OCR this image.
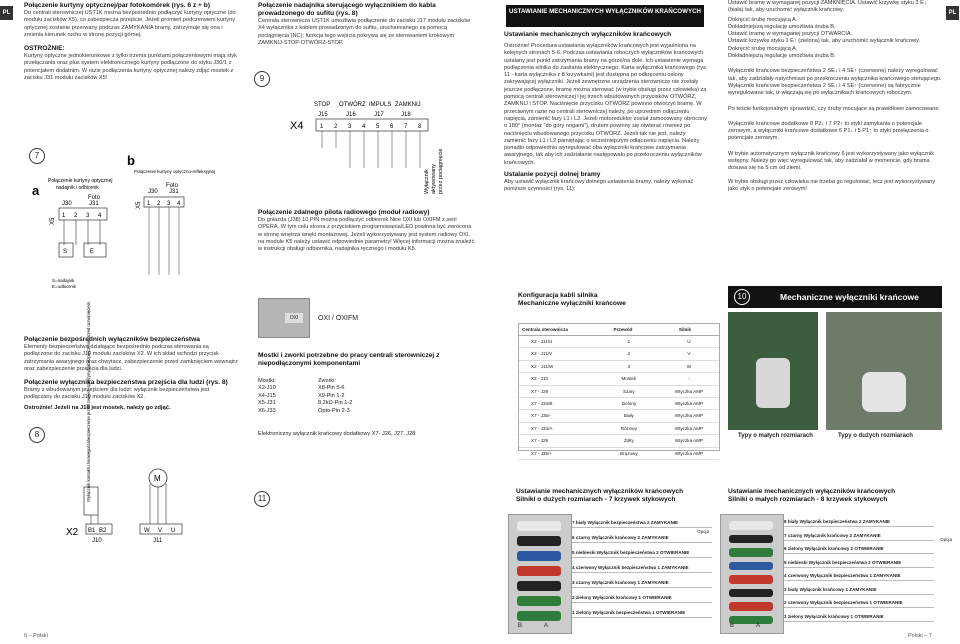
PL

Połączenie kurtyny optycznej/par fotokomórek (rys. 6 z + b)

Do centrali sterowniczej UST1K można bezpośrednio podłączyć kurtyny optyczne (do modułu zacisków X5), co zabezpiecza przejście. Jeżeli promień podczerwieni kurtyny optycznej zostanie przerwany podczas ZAMYKANIA bramy, zatrzymuje się ona i zmienia kierunek ruchu w stronę pozycji górnej.

OSTROŻNIE:

Kurtyny optyczne jednokierunkowe z tylko trzema punktami połączeniowymi mają styk przełączania oraz plus system elektronicznego kurtyny podłączone do styku J30/1 z potencjałem dodatnim. W razie podłączenia kurtyny optycznej należy zdjąć mostek z zacisku J31 modułu zacisków X5!

7
a
b
Połączenie kurtyny optycznej
nadajnik i odbiornik
Foto
J30	J31
X5
1 2 3 4
S	E
S=nadajnik
E=odbiornik
Połączenie kurtyny optyczno-refleksyjnej
Foto
J30 J31
X5 1 2 3 4

Połączenie bezpośrednich wyłączników bezpieczeństwa

Elementy bezpieczeństwa działające bezpośrednio podczas sterowania są podłączone do zacisku J10 modułu zacisków X2. W ich skład wchodzi przycisk zatrzymania awaryjnego oraz chwytacz, zabezpieczenie przed zamknięciem wewnątrz oraz zabezpieczenie przejścia dla ludzi.

Połączenie wyłącznika bezpieczeństwa przejścia dla ludzi (rys. 8)

Bramy z wbudowanym przejściem dla ludzi: wyłącznik bezpieczeństwa jest podłączany do zacisku J10 modułu zacisków X2.

Ostrożnie! Jeżeli na J10 jest mostek, należy go zdjąć.

8	Wyłącznik kontaktu linowego/zabezpieczenie przed zwisem sprężyny/zabezpieczenie przed rozwinięciem	M
X2 B1 B2	W V U
J10	J11
6 – Polski

Połączenie nadajnika sterującego wyłącznikiem do kabla prowadzonego do sufitu (rys. 8)

Centrala sterownicza UST1K umożliwia podłączenie do zacisku J17 modułu zacisków X4 wyłącznika z kablem prowadzonym do sufitu, uruchamianego za pomocą pociągnięcia (NC); funkcja tego wejścia pokrywa się ze sterowaniem krokowym ZAMKNIJ-STOP-OTWÓRZ-STOP.

9
STOP OTWÓRZ IMPULS ZAMKNIJ
J15	J16	J17	J18
X4	1 2 3 4 5 6 7 8
Wyłącznik aktywowany przez pociągnięcie

Połączenie zdalnego pilota radiowego (moduł radiowy)

Do gniazda (J38) 10 PIN można podłączyć odbiornik Nice OXI lub OXIFM z serii OPERA. W tym celu strona z przyciskiem programowania/LED powinna być zwrócona w stronę wnętrza wnęki montażowej. Jeżeli wykorzystywany jest system radiowy OXI, na module K5 należy ustawić odpowiednie parametry! Więcej informacji można znaleźć w instrukcji obsługi odbiornika, nadajnika ręcznego i modułu K5.

OXI	OXI / OXIFM

Mostki i zworki potrzebne do pracy centrali sterowniczej z niepodłączonymi komponentami

Mostki:	Zworki:
X2-J10	X8-Pin 5-6
X4-J15	X9-Pin 1-2
X5-J31	8,2kΩ-Pin 1-2
X6-J33	Opto-Pin 2-3
Elektroniczny wyłącznik krańcowy dodatkowy X7- J26, J27, J28
11
USTAWIANIE MECHANICZNYCH WYŁĄCZNIKÓW KRAŃCOWYCH

Ustawianie mechanicznych wyłączników krańcowych

Ostrożnie! Procedura ustawiania wyłączników krańcowych jest wyjaśniona na kolejnych stronach 5-6. Podczas ustawiania roboczych wyłączników krańcowych ustalany jest punkt zatrzymania bramy na górze/na dole. Ich ustawienie wymaga podłączenia silnika do zasilania elektrycznego. Karta wyłącznika krańcowego (rys. 11 - karta wyłącznika z 8 krzywkami) jest dostępna po odkręceniu osłony zakrywającej wyłączniki. Jeżeli zewnętrzne urządzenia sterownicze nie zostały jeszcze podłączone, bramę można sterować (w trybie obsługi przez człowieka) za pomocą centrali sterowniczej i jej trzech wbudowanych przycisków OTWÓRZ, ZAMKNIJ i STOP. Naciśnięcie przycisku OTWÓRZ powinno otworzyć bramę. W przeciwnym razie na centrali sterowniczej należy, po uprzednim odłączeniu napięcia, zamienić fazy L1 i L2. Jeżeli motoreduktor został zamocowany obrócony o 180° (montaż "do góry nogami"), drutem powinny się otwierać również po naciśnięciu wbudowanego przycisku OTWÓRZ. Jeżeli tak nie jest, należy zamienić fazy L1 i L2 pamiętając o wcześniejszym odłączeniu napięcia. Należy ponadto odpowiednio wyregulować oba wyłączniki krańcowe zatrzymania awaryjnego, tak aby ich zadziałanie następowało po przekroczeniu wyłączników krańcowych.

Ustalanie pozycji dolnej bramy

Aby ustawić wyłącznik krańcowy dolnego ustawienia bramy, należy wykonać poniższe czynności (rys. 11):

Konfiguracja kabli silnika

Mechaniczne wyłączniki krańcowe

Centrala sterownicza	Przewód	Silnik
X2 - J11/U	1	U
X2 - J11/V	2	V
X2 - J11/W	3	W
X2 - J10	Mostek	-
X7 - J29	Szary	Wtyczka AMP
X7 - J34/B	Zielony	Wtyczka AMP
X7 - J35/-	Biały	Wtyczka AMP
X7 - J34/A	Różowy	Wtyczka AMP
X7 - J29	Żółty	Wtyczka AMP
X7 - J35/+	Brązowy	Wtyczka AMP

Ustawianie mechanicznych wyłączników krańcowych

Silniki o dużych rozmiarach - 7 krzywek stykowych

7 biały Wyłącznik bezpieczeństwa 2 ZAMYKANIE
6 czarny Wyłącznik krańcowy 2 ZAMYKANIE
5 niebieski Wyłącznik bezpieczeństwa 2 OTWIERANIE
4 czerwony Wyłącznik bezpieczeństwa 1 ZAMYKANIE
3 czarny Wyłącznik krańcowy 1 ZAMYKANIE
2 zielony Wyłącznik krańcowy 1 OTWIERANIE
1 zielony Wyłącznik bezpieczeństwa 1 OTWIERANIE
Opcja
B	A
PL

Ustawić bramę w wymaganej pozycji ZAMKNIĘCIA. Ustawić krzywkę styku 3 E↓ (biała) tak, aby uruchomić wyłącznik krańcowy.

Dokręcić śrubę mocującą A.

Dokładniejszą regulację umożliwia śruba B.

Ustawić bramę w wymaganej pozycji OTWARCIA.

Ustawić krzywkę styku 1 E↑ (zielona) tak, aby uruchomić wyłącznik krańcowy.

Dokręcić śrubę mocującą A.

Dokładniejszą regulację umożliwia śruba B.

Wyłączniki krańcowe bezpieczeństwa 2 SE↓ i 4 SE↑ (czerwone) należy wyregulować tak, aby zadziałały natychmiast po przekroczeniu wyłącznika krańcowego sterującego. Wyłączniki krańcowe bezpieczeństwa 2 SE↓ i 4 SE↑ (czerwone) są fabrycznie wyregulowane tak, iż włączają się po wyłącznikach krańcowych roboczym.

Po teście funkcjonalnym sprawdzić, czy śruby mocujące są prawidłowo zamocowane.

Wyłączniki krańcowe dodatkowe 8 P2↓ i 7 P2↑ to styki zamykania o potencjale zerowym, a wyłączniki krańcowe dodatkowe 6 P1↓ i 5 P1↑ to styki przełączenia o potencjale zerowym.

W trybie automatycznym wyłącznik krańcowy 6 jest wykorzystywany jako wyłącznik wstępny. Należy go więc wyregulować tak, aby zadziałał w momencie, gdy brama dosuwa się na 5 cm od ziemi.

W trybie obsługi przez człowieka nie trzeba go regulować, lecz jest wykorzystywany jako styk o potencjale zerowym!

10	Mechaniczne wyłączniki krańcowe
Typy o małych rozmiarach	Typy o dużych rozmiarach

Ustawianie mechanicznych wyłączników krańcowych

Silniki o małych rozmiarach - 8 krzywek stykowych

8 biały Wyłącznik bezpieczeństwa 2 ZAMYKANIE
7 czarny Wyłącznik krańcowy 2 ZAMYKANIE
6 zielony Wyłącznik krańcowy 2 OTWIERANIE
5 niebieski Wyłącznik bezpieczeństwa 2 OTWIERANIE
4 czerwony Wyłącznik bezpieczeństwa 1 ZAMYKANIE
3 biały Wyłącznik krańcowy 1 ZAMYKANIE
2 czerwony Wyłącznik bezpieczeństwa 1 OTWIERANIE
1 zielony Wyłącznik krańcowy 1 OTWIERANIE
Opcja
B	A
Polski – 7
